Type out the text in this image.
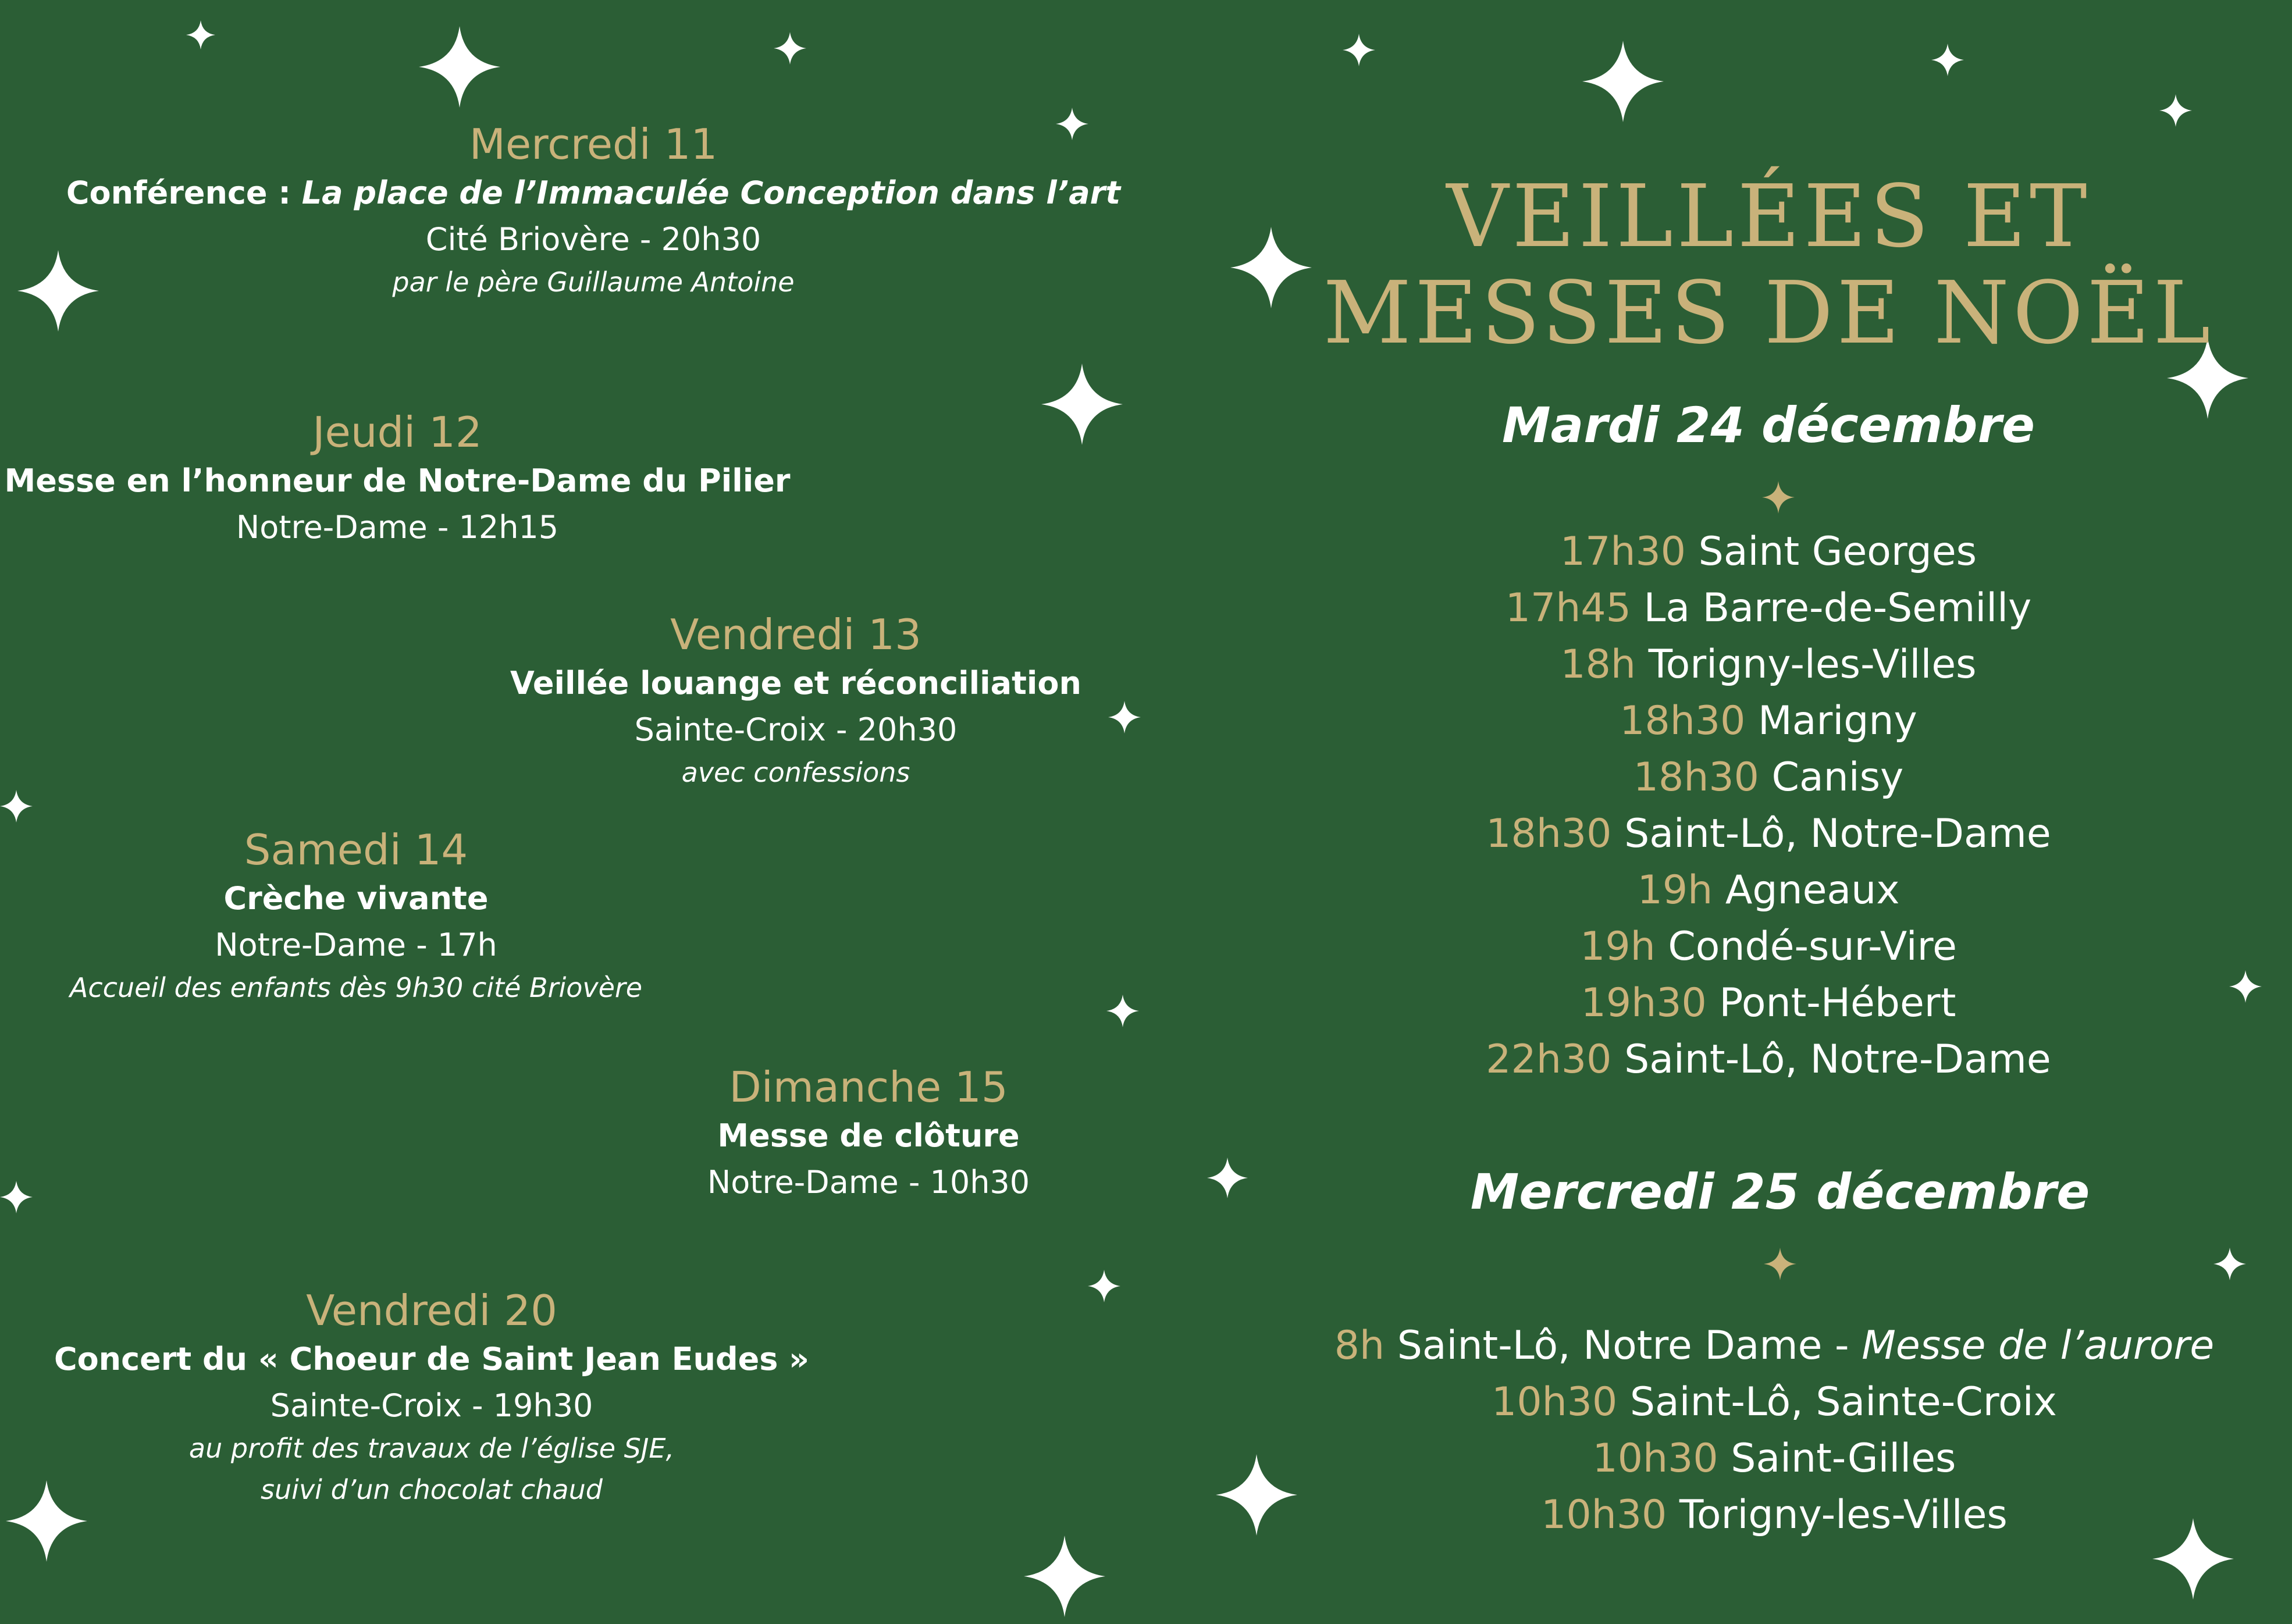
Mercredi 11
Conférence : La place de l’Immaculée Conception dans l’art
Cité Briovère - 20h30
par le père Guillaume Antoine
Jeudi 12
Messe en l’honneur de Notre-Dame du Pilier
Notre-Dame - 12h15
Vendredi 13
Veillée louange et réconciliation
Sainte-Croix - 20h30
avec confessions
Samedi 14
Crèche vivante
Notre-Dame - 17h
Accueil des enfants dès 9h30 cité Briovère
Dimanche 15
Messe de clôture
Notre-Dame - 10h30
Vendredi 20
Concert du « Choeur de Saint Jean Eudes »
Sainte-Croix - 19h30
au profit des travaux de l’église SJE,
suivi d’un chocolat chaud
VEILLÉES ET
MESSES DE NOËL
Mardi 24 décembre
17h30 Saint Georges
17h45 La Barre-de-Semilly
18h Torigny-les-Villes
18h30 Marigny
18h30 Canisy
18h30 Saint-Lô, Notre-Dame
19h Agneaux
19h Condé-sur-Vire
19h30 Pont-Hébert
22h30 Saint-Lô, Notre-Dame
Mercredi 25 décembre
8h Saint-Lô, Notre Dame - Messe de l’aurore
10h30 Saint-Lô, Sainte-Croix
10h30 Saint-Gilles
10h30 Torigny-les-Villes
